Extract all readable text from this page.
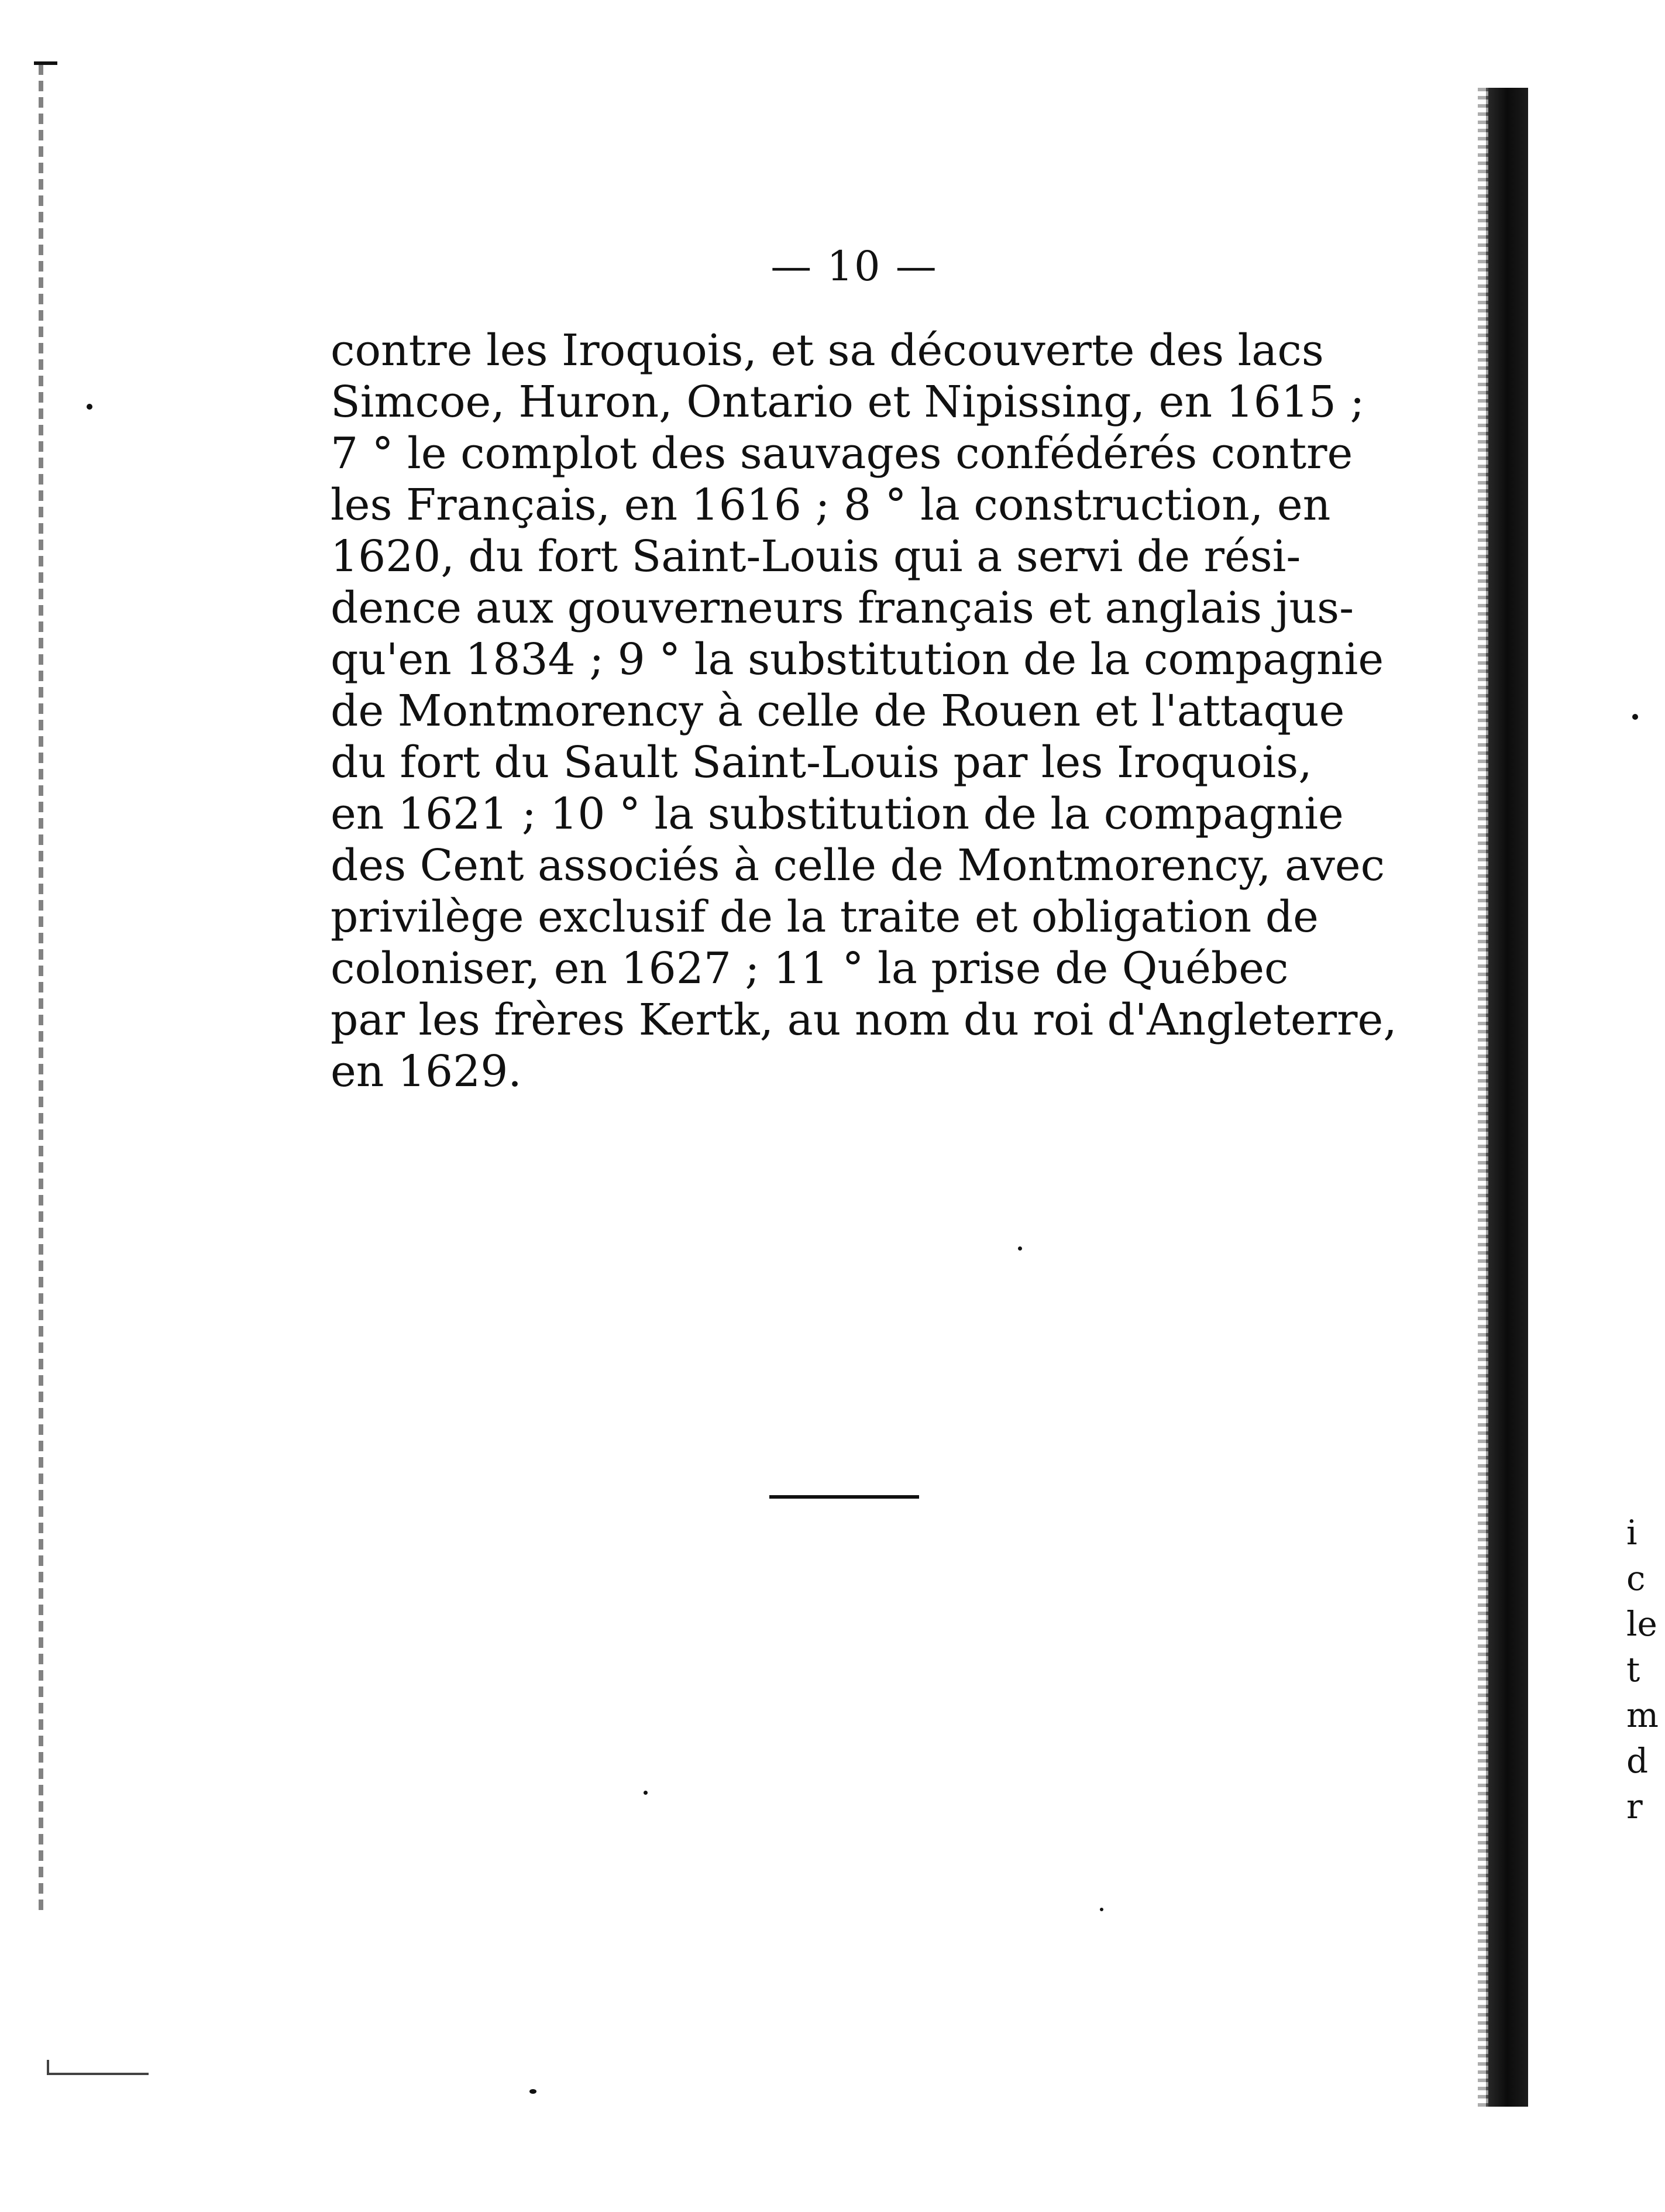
— 10 —
contre les Iroquois, et sa découverte des lacs
Simcoe, Huron, Ontario et Nipissing, en 1615 ;
7 ° le complot des sauvages confédérés contre
les Français, en 1616 ; 8 ° la construction, en
1620, du fort Saint-Louis qui a servi de rési-
dence aux gouverneurs français et anglais jus-
qu'en 1834 ; 9 ° la substitution de la compagnie
de Montmorency à celle de Rouen et l'attaque
du fort du Sault Saint-Louis par les Iroquois,
en 1621 ; 10 ° la substitution de la compagnie
des Cent associés à celle de Montmorency, avec
privilège exclusif de la traite et obligation de
coloniser, en 1627 ; 11 ° la prise de Québec
par les frères Kertk, au nom du roi d'Angleterre,
en 1629.
i
c
le
t
m
d
r
